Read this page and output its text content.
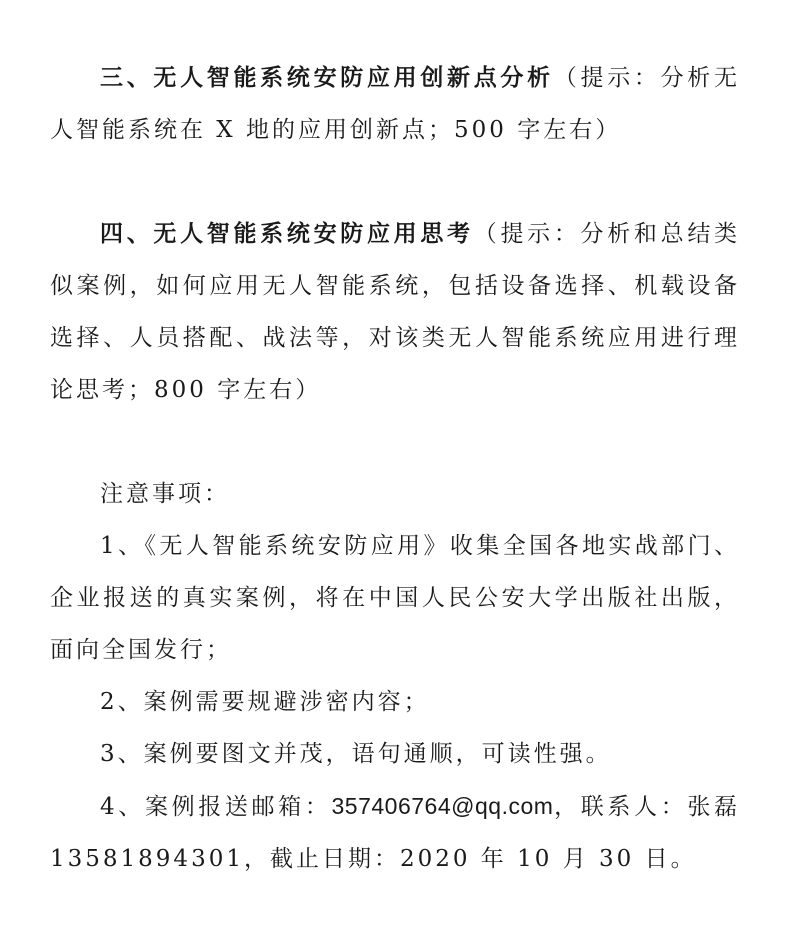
三、无人智能系统安防应用创新点分析（提示：分析无人智能系统在 X 地的应用创新点；500 字左右）

四、无人智能系统安防应用思考（提示：分析和总结类似案例，如何应用无人智能系统，包括设备选择、机载设备选择、人员搭配、战法等，对该类无人智能系统应用进行理论思考；800 字左右）

注意事项：

1、《无人智能系统安防应用》收集全国各地实战部门、企业报送的真实案例，将在中国人民公安大学出版社出版，面向全国发行；

2、案例需要规避涉密内容；

3、案例要图文并茂，语句通顺，可读性强。

4、案例报送邮箱：357406764@qq.com，联系人：张磊 13581894301，截止日期：2020 年 10 月 30 日。
